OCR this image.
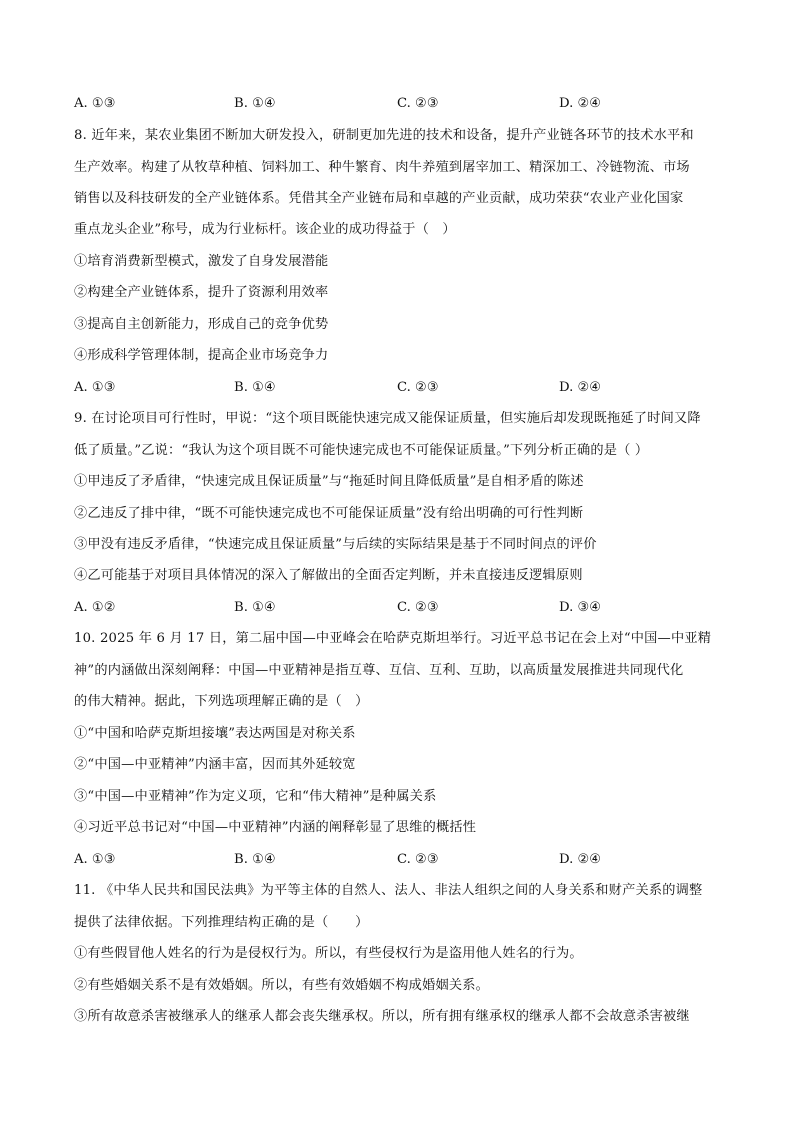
A. ①③	B. ①④	C. ②③	D. ②④
8. 近年来，某农业集团不断加大研发投入，研制更加先进的技术和设备，提升产业链各环节的技术水平和
生产效率。构建了从牧草种植、饲料加工、种牛繁育、肉牛养殖到屠宰加工、精深加工、冷链物流、市场
销售以及科技研发的全产业链体系。凭借其全产业链布局和卓越的产业贡献，成功荣获“农业产业化国家
重点龙头企业”称号，成为行业标杆。该企业的成功得益于（　）
①培育消费新型模式，激发了自身发展潜能
②构建全产业链体系，提升了资源利用效率
③提高自主创新能力，形成自己的竞争优势
④形成科学管理体制，提高企业市场竞争力
A. ①③	B. ①④	C. ②③	D. ②④
9. 在讨论项目可行性时，甲说：“这个项目既能快速完成又能保证质量，但实施后却发现既拖延了时间又降
低了质量。”乙说：“我认为这个项目既不可能快速完成也不可能保证质量。”下列分析正确的是（ ）
①甲违反了矛盾律，“快速完成且保证质量”与“拖延时间且降低质量”是自相矛盾的陈述
②乙违反了排中律，“既不可能快速完成也不可能保证质量”没有给出明确的可行性判断
③甲没有违反矛盾律，“快速完成且保证质量”与后续的实际结果是基于不同时间点的评价
④乙可能基于对项目具体情况的深入了解做出的全面否定判断，并未直接违反逻辑原则
A. ①②	B. ①④	C. ②③	D. ③④
10. 2025 年 6 月 17 日，第二届中国—中亚峰会在哈萨克斯坦举行。习近平总书记在会上对“中国—中亚精
神”的内涵做出深刻阐释：中国—中亚精神是指互尊、互信、互利、互助，以高质量发展推进共同现代化
的伟大精神。据此，下列选项理解正确的是（　）
①“中国和哈萨克斯坦接壤”表达两国是对称关系
②“中国—中亚精神”内涵丰富，因而其外延较宽
③“中国—中亚精神”作为定义项，它和“伟大精神”是种属关系
④习近平总书记对“中国—中亚精神”内涵的阐释彰显了思维的概括性
A. ①③	B. ①④	C. ②③	D. ②④
11. 《中华人民共和国民法典》为平等主体的自然人、法人、非法人组织之间的人身关系和财产关系的调整
提供了法律依据。下列推理结构正确的是（　　）
①有些假冒他人姓名的行为是侵权行为。所以，有些侵权行为是盗用他人姓名的行为。
②有些婚姻关系不是有效婚姻。所以，有些有效婚姻不构成婚姻关系。
③所有故意杀害被继承人的继承人都会丧失继承权。所以，所有拥有继承权的继承人都不会故意杀害被继
